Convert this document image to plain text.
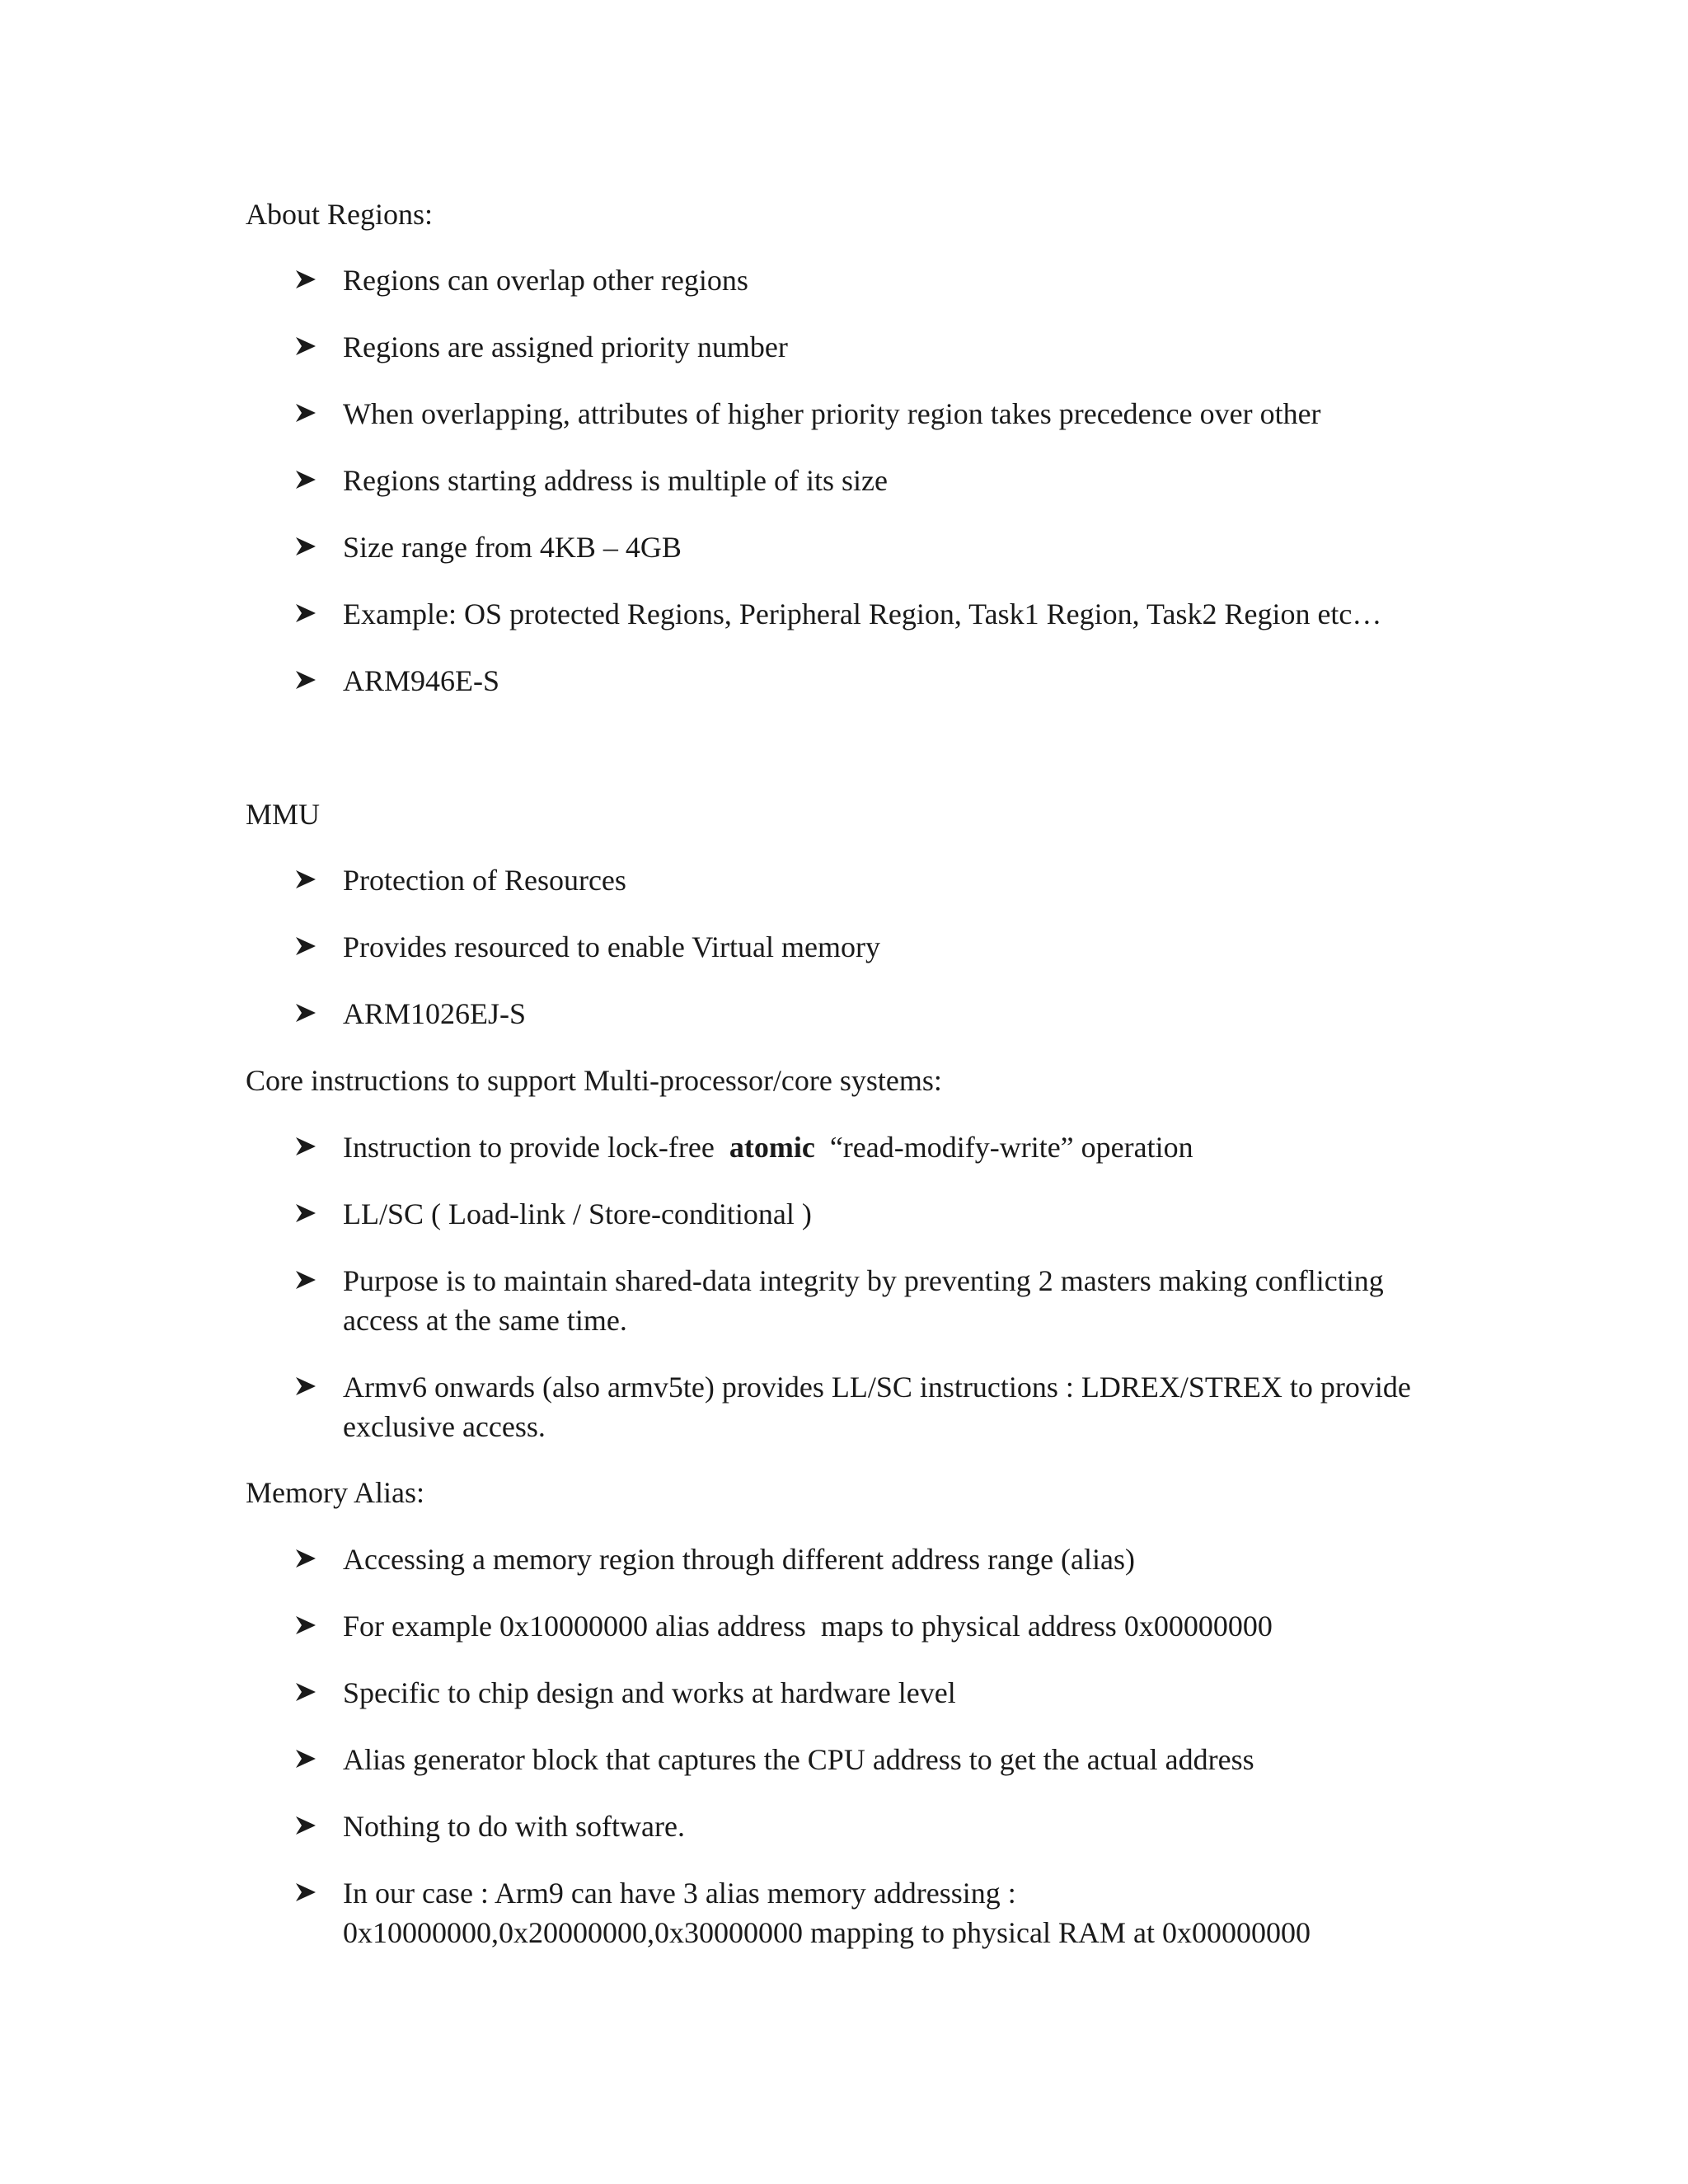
About Regions:
Regions can overlap other regions
Regions are assigned priority number
When overlapping, attributes of higher priority region takes precedence over other
Regions starting address is multiple of its size
Size range from 4KB – 4GB
Example: OS protected Regions, Peripheral Region, Task1 Region, Task2 Region etc…
ARM946E-S
MMU
Protection of Resources
Provides resourced to enable Virtual memory
ARM1026EJ-S
Core instructions to support Multi-processor/core systems:
Instruction to provide lock-free atomic “read-modify-write” operation
LL/SC ( Load-link / Store-conditional )
Purpose is to maintain shared-data integrity by preventing 2 masters making conflicting
access at the same time.
Armv6 onwards (also armv5te) provides LL/SC instructions : LDREX/STREX to provide
exclusive access.
Memory Alias:
Accessing a memory region through different address range (alias)
For example 0x10000000 alias address  maps to physical address 0x00000000
Specific to chip design and works at hardware level
Alias generator block that captures the CPU address to get the actual address
Nothing to do with software.
In our case : Arm9 can have 3 alias memory addressing :
0x10000000,0x20000000,0x30000000 mapping to physical RAM at 0x00000000
